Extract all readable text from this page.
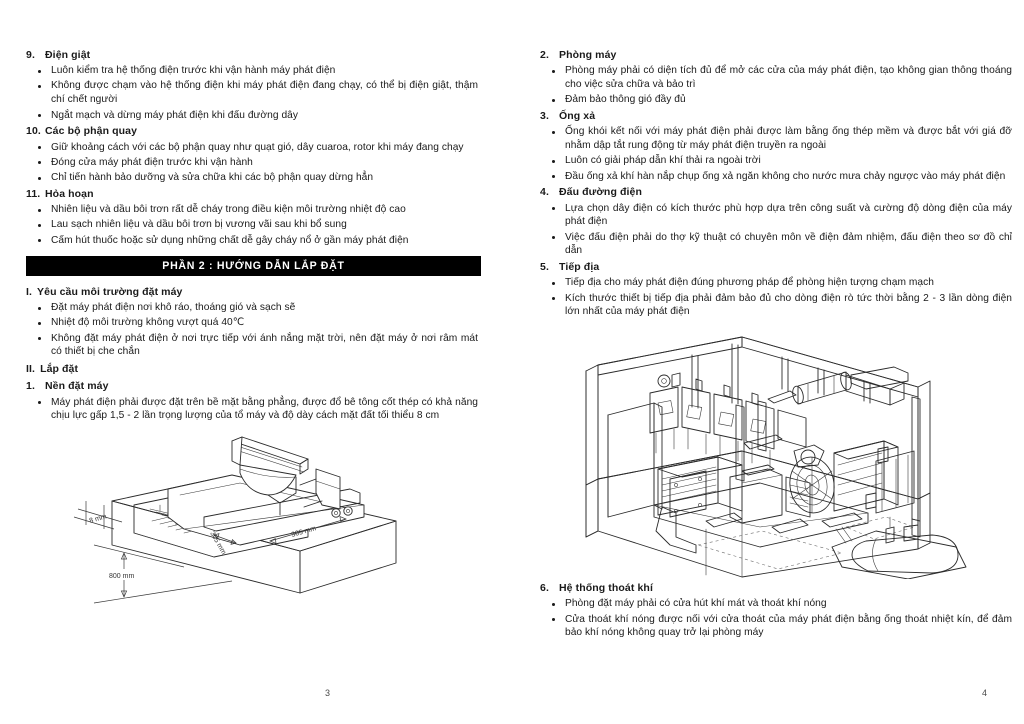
9. Điện giật
Luôn kiểm tra hệ thống điện trước khi vận hành máy phát điện
Không được chạm vào hệ thống điện khi máy phát điện đang chạy, có thể bị điện giật, thậm chí chết người
Ngắt mạch và dừng máy phát điện khi đấu đường dây
10. Các bộ phận quay
Giữ khoảng cách với các bộ phận quay như quạt gió, dây cuaroa, rotor khi máy đang chạy
Đóng cửa máy phát điện trước khi vận hành
Chỉ tiến hành bảo dưỡng và sửa chữa khi các bộ phận quay dừng hẳn
11. Hỏa hoạn
Nhiên liệu và dầu bôi trơn rất dễ cháy trong điều kiện môi trường nhiệt độ cao
Lau sạch nhiên liệu và dầu bôi trơn bị vương vãi sau khi bổ sung
Cấm hút thuốc hoặc sử dụng những chất dễ gây cháy nổ ở gần máy phát điện
PHẦN 2 : HƯỚNG DẪN LẮP ĐẶT
I. Yêu cầu môi trường đặt máy
Đặt máy phát điện nơi khô ráo, thoáng gió và sạch sẽ
Nhiệt độ môi trường không vượt quá 40℃
Không đặt máy phát điện ở nơi trực tiếp với ánh nắng mặt trời, nên đặt máy ở nơi râm mát có thiết bị che chắn
II. Lắp đặt
1. Nền đặt máy
Máy phát điện phải được đặt trên bề mặt bằng phẳng, được đổ bê tông cốt thép có khả năng chịu lực gấp 1,5 - 2 lần trọng lượng của tổ máy và độ dày cách mặt đất tối thiểu 8 cm
8 mm
305 mm	305 mm
800 mm
3
2. Phòng máy
Phòng máy phải có diện tích đủ để mở các cửa của máy phát điện, tạo không gian thông thoáng cho việc sửa chữa và bảo trì
Đảm bảo thông gió đầy đủ
3. Ống xả
Ống khói kết nối với máy phát điện phải được làm bằng ống thép mềm và được bắt với giá đỡ nhằm dập tắt rung động từ máy phát điện truyền ra ngoài
Luôn có giải pháp dẫn khí thải ra ngoài trời
Đầu ống xả khí hàn nắp chụp ống xả ngăn không cho nước mưa chảy ngược vào máy phát điện
4. Đấu đường điện
Lựa chọn dây điện có kích thước phù hợp dựa trên công suất và cường độ dòng điện của máy phát điện
Việc đấu điện phải do thợ kỹ thuật có chuyên môn về điện đảm nhiệm, đấu điện theo sơ đồ chỉ dẫn
5. Tiếp địa
Tiếp địa cho máy phát điện đúng phương pháp để phòng hiện tượng chạm mạch
Kích thước thiết bị tiếp địa phải đảm bảo đủ cho dòng điện rò tức thời bằng 2 - 3 lần dòng điện lớn nhất của máy phát điện
6. Hệ thống thoát khí
Phòng đặt máy phải có cửa hút khí mát và thoát khí nóng
Cửa thoát khí nóng được nối với cửa thoát của máy phát điện bằng ống thoát nhiệt kín, để đảm bảo khí nóng không quay trở lại phòng máy
4
